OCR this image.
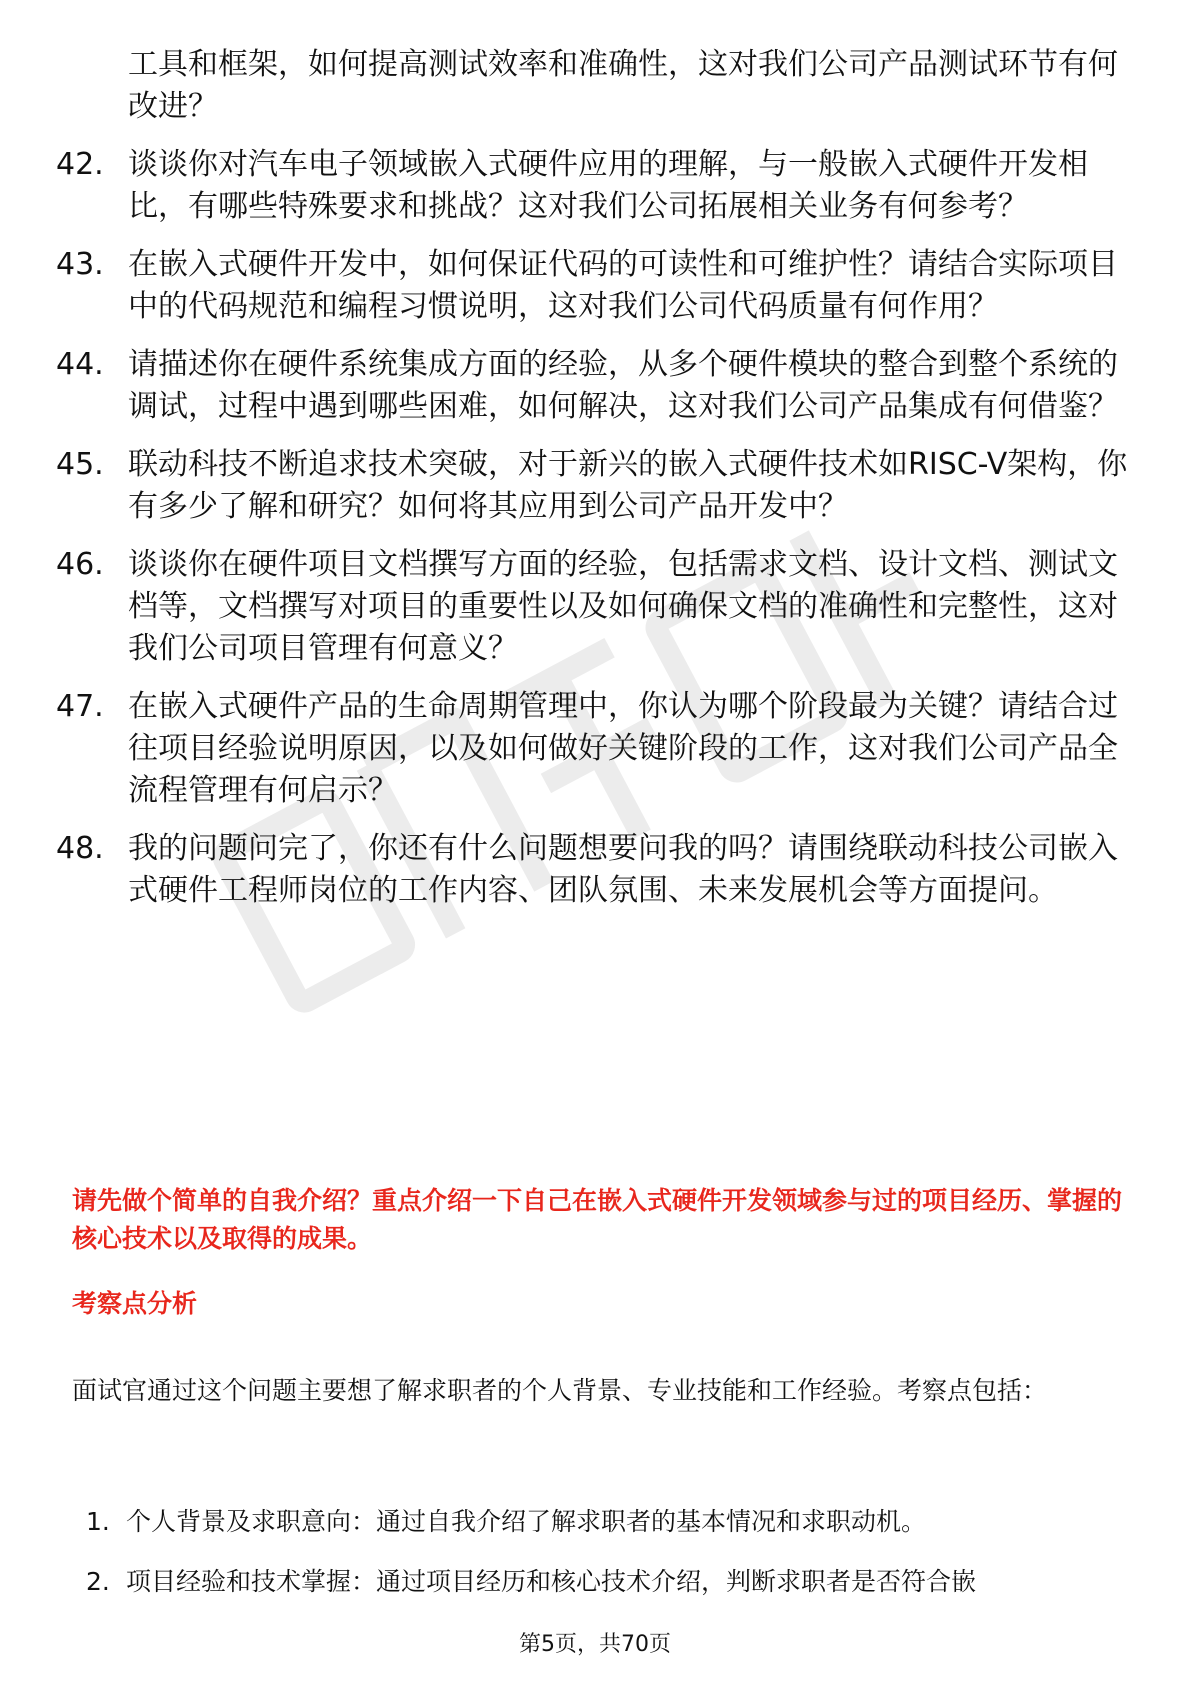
工具和框架，如何提高测试效率和准确性，这对我们公司产品测试环节有何改进？
42. 谈谈你对汽车电子领域嵌入式硬件应用的理解，与一般嵌入式硬件开发相比，有哪些特殊要求和挑战？这对我们公司拓展相关业务有何参考？
43. 在嵌入式硬件开发中，如何保证代码的可读性和可维护性？请结合实际项目中的代码规范和编程习惯说明，这对我们公司代码质量有何作用？
44. 请描述你在硬件系统集成方面的经验，从多个硬件模块的整合到整个系统的调试，过程中遇到哪些困难，如何解决，这对我们公司产品集成有何借鉴？
45. 联动科技不断追求技术突破，对于新兴的嵌入式硬件技术如RISC-V架构，你有多少了解和研究？如何将其应用到公司产品开发中？
46. 谈谈你在硬件项目文档撰写方面的经验，包括需求文档、设计文档、测试文档等，文档撰写对项目的重要性以及如何确保文档的准确性和完整性，这对我们公司项目管理有何意义？
47. 在嵌入式硬件产品的生命周期管理中，你认为哪个阶段最为关键？请结合过往项目经验说明原因，以及如何做好关键阶段的工作，这对我们公司产品全流程管理有何启示？
48. 我的问题问完了，你还有什么问题想要问我的吗？请围绕联动科技公司嵌入式硬件工程师岗位的工作内容、团队氛围、未来发展机会等方面提问。

请先做个简单的自我介绍？重点介绍一下自己在嵌入式硬件开发领域参与过的项目经历、掌握的核心技术以及取得的成果。

考察点分析

面试官通过这个问题主要想了解求职者的个人背景、专业技能和工作经验。考察点包括：

1. 个人背景及求职意向：通过自我介绍了解求职者的基本情况和求职动机。
2. 项目经验和技术掌握：通过项目经历和核心技术介绍，判断求职者是否符合嵌
第5页，共70页
